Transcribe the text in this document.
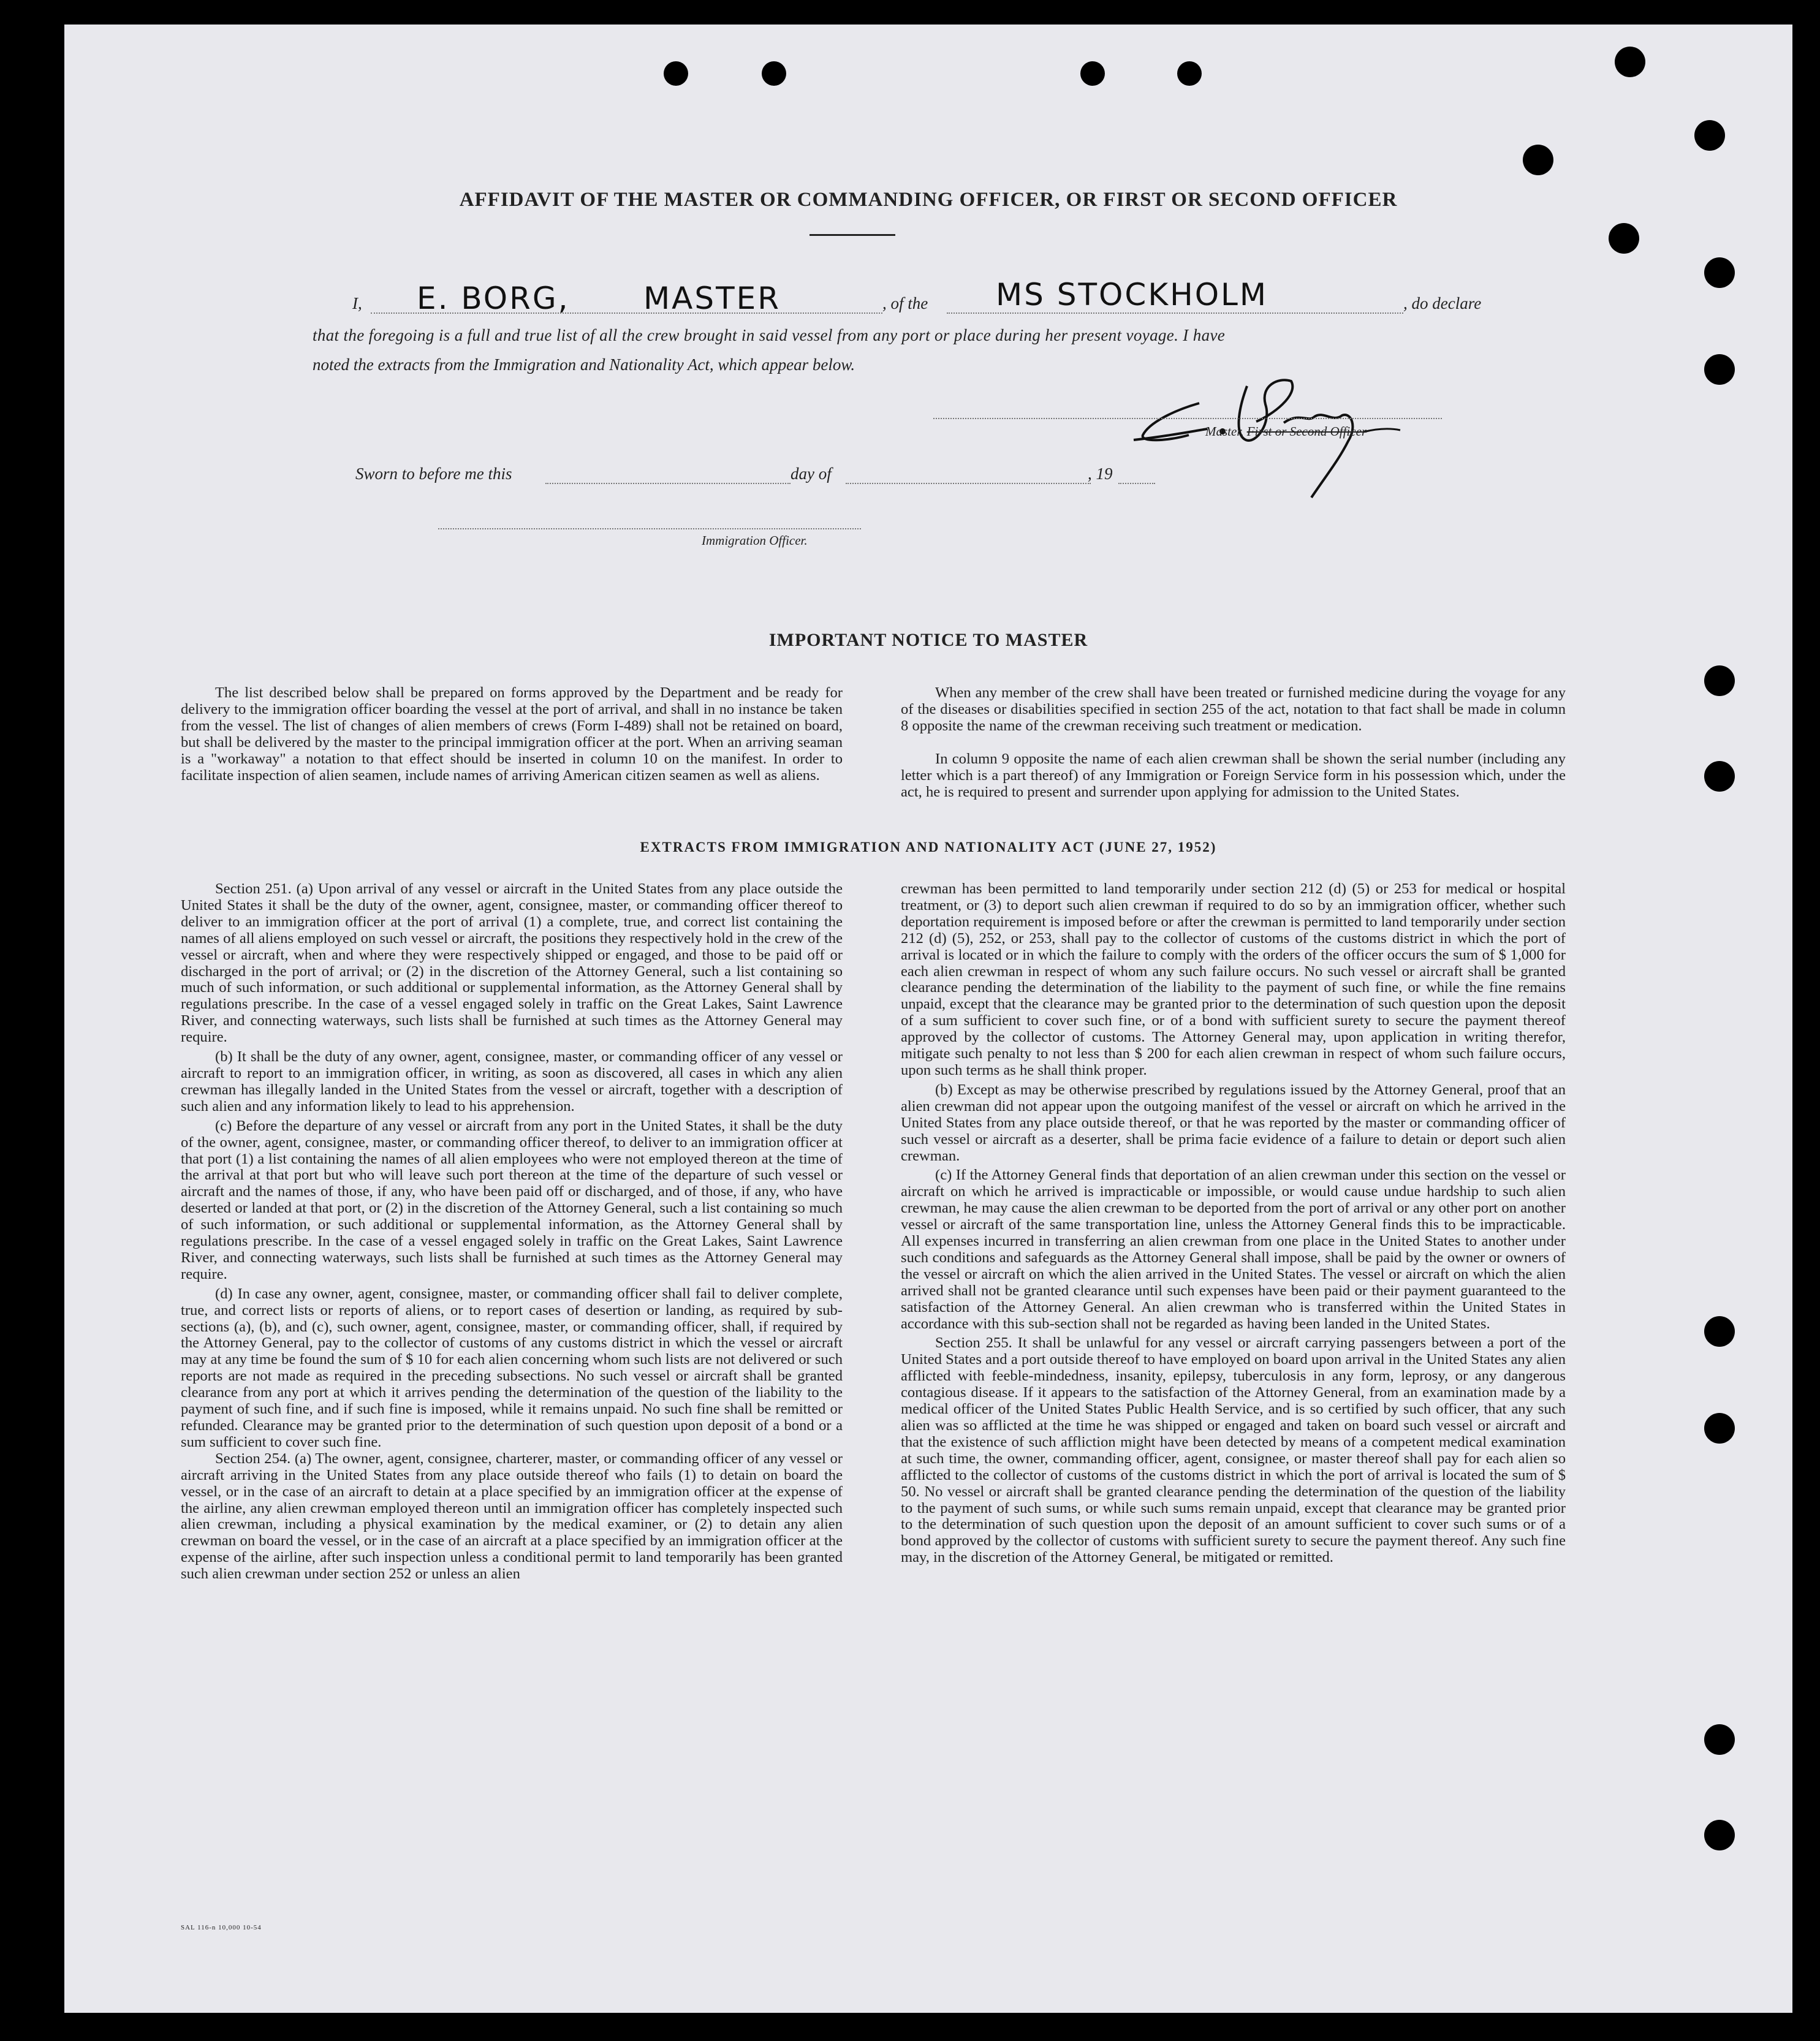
AFFIDAVIT OF THE MASTER OR COMMANDING OFFICER, OR FIRST OR SECOND OFFICER
I, E. BORG, MASTER	, of the MS STOCKHOLM	, do declare
that the foregoing is a full and true list of all the crew brought in said vessel from any port or place during her present voyage. I have
noted the extracts from the Immigration and Nationality Act, which appear below.
Master, First or Second Officer
Sworn to before me this	day of	, 19
Immigration Officer.
IMPORTANT NOTICE TO MASTER
The list described below shall be prepared on forms approved by the Department and be ready for delivery to the immigration officer boarding the vessel at the port of arrival, and shall in no instance be taken from the vessel. The list of changes of alien members of crews (Form I-489) shall not be retained on board, but shall be delivered by the master to the principal immigration officer at the port. When an arriving seaman is a "workaway" a notation to that effect should be inserted in column 10 on the manifest. In order to facilitate inspection of alien seamen, include names of arriving American citizen seamen as well as aliens.
When any member of the crew shall have been treated or furnished medicine during the voyage for any of the diseases or disabilities specified in section 255 of the act, notation to that fact shall be made in column 8 opposite the name of the crewman receiving such treatment or medication.
In column 9 opposite the name of each alien crewman shall be shown the serial number (including any letter which is a part thereof) of any Immigration or Foreign Service form in his possession which, under the act, he is required to present and surrender upon applying for admission to the United States.
EXTRACTS FROM IMMIGRATION AND NATIONALITY ACT (JUNE 27, 1952)
Section 251. (a) Upon arrival of any vessel or aircraft in the United States from any place outside the United States it shall be the duty of the owner, agent, consignee, master, or commanding officer thereof to deliver to an immigration officer at the port of arrival (1) a complete, true, and correct list containing the names of all aliens employed on such vessel or aircraft, the positions they respectively hold in the crew of the vessel or aircraft, when and where they were respectively shipped or engaged, and those to be paid off or discharged in the port of arrival; or (2) in the discretion of the Attorney General, such a list containing so much of such information, or such additional or supplemental information, as the Attorney General shall by regulations prescribe. In the case of a vessel engaged solely in traffic on the Great Lakes, Saint Lawrence River, and connecting waterways, such lists shall be furnished at such times as the Attorney General may require.
(b) It shall be the duty of any owner, agent, consignee, master, or commanding officer of any vessel or aircraft to report to an immigration officer, in writing, as soon as discovered, all cases in which any alien crewman has illegally landed in the United States from the vessel or aircraft, together with a description of such alien and any information likely to lead to his apprehension.
(c) Before the departure of any vessel or aircraft from any port in the United States, it shall be the duty of the owner, agent, consignee, master, or commanding officer thereof, to deliver to an immigration officer at that port (1) a list containing the names of all alien employees who were not employed thereon at the time of the arrival at that port but who will leave such port thereon at the time of the departure of such vessel or aircraft and the names of those, if any, who have been paid off or discharged, and of those, if any, who have deserted or landed at that port, or (2) in the discretion of the Attorney General, such a list containing so much of such information, or such additional or supplemental information, as the Attorney General shall by regulations prescribe. In the case of a vessel engaged solely in traffic on the Great Lakes, Saint Lawrence River, and connecting waterways, such lists shall be furnished at such times as the Attorney General may require.
(d) In case any owner, agent, consignee, master, or commanding officer shall fail to deliver complete, true, and correct lists or reports of aliens, or to report cases of desertion or landing, as required by sub-sections (a), (b), and (c), such owner, agent, consignee, master, or commanding officer, shall, if required by the Attorney General, pay to the collector of customs of any customs district in which the vessel or aircraft may at any time be found the sum of $ 10 for each alien concerning whom such lists are not delivered or such reports are not made as required in the preceding subsections. No such vessel or aircraft shall be granted clearance from any port at which it arrives pending the determination of the question of the liability to the payment of such fine, and if such fine is imposed, while it remains unpaid. No such fine shall be remitted or refunded. Clearance may be granted prior to the determination of such question upon deposit of a bond or a sum sufficient to cover such fine.
Section 254. (a) The owner, agent, consignee, charterer, master, or commanding officer of any vessel or aircraft arriving in the United States from any place outside thereof who fails (1) to detain on board the vessel, or in the case of an aircraft to detain at a place specified by an immigration officer at the expense of the airline, any alien crewman employed thereon until an immigration officer has completely inspected such alien crewman, including a physical examination by the medical examiner, or (2) to detain any alien crewman on board the vessel, or in the case of an aircraft at a place specified by an immigration officer at the expense of the airline, after such inspection unless a conditional permit to land temporarily has been granted such alien crewman under section 252 or unless an alien
crewman has been permitted to land temporarily under section 212 (d) (5) or 253 for medical or hospital treatment, or (3) to deport such alien crewman if required to do so by an immigration officer, whether such deportation requirement is imposed before or after the crewman is permitted to land temporarily under section 212 (d) (5), 252, or 253, shall pay to the collector of customs of the customs district in which the port of arrival is located or in which the failure to comply with the orders of the officer occurs the sum of $ 1,000 for each alien crewman in respect of whom any such failure occurs. No such vessel or aircraft shall be granted clearance pending the determination of the liability to the payment of such fine, or while the fine remains unpaid, except that the clearance may be granted prior to the determination of such question upon the deposit of a sum sufficient to cover such fine, or of a bond with sufficient surety to secure the payment thereof approved by the collector of customs. The Attorney General may, upon application in writing therefor, mitigate such penalty to not less than $ 200 for each alien crewman in respect of whom such failure occurs, upon such terms as he shall think proper.
(b) Except as may be otherwise prescribed by regulations issued by the Attorney General, proof that an alien crewman did not appear upon the outgoing manifest of the vessel or aircraft on which he arrived in the United States from any place outside thereof, or that he was reported by the master or commanding officer of such vessel or aircraft as a deserter, shall be prima facie evidence of a failure to detain or deport such alien crewman.
(c) If the Attorney General finds that deportation of an alien crewman under this section on the vessel or aircraft on which he arrived is impracticable or impossible, or would cause undue hardship to such alien crewman, he may cause the alien crewman to be deported from the port of arrival or any other port on another vessel or aircraft of the same transportation line, unless the Attorney General finds this to be impracticable. All expenses incurred in transferring an alien crewman from one place in the United States to another under such conditions and safeguards as the Attorney General shall impose, shall be paid by the owner or owners of the vessel or aircraft on which the alien arrived in the United States. The vessel or aircraft on which the alien arrived shall not be granted clearance until such expenses have been paid or their payment guaranteed to the satisfaction of the Attorney General. An alien crewman who is transferred within the United States in accordance with this sub-section shall not be regarded as having been landed in the United States.
Section 255. It shall be unlawful for any vessel or aircraft carrying passengers between a port of the United States and a port outside thereof to have employed on board upon arrival in the United States any alien afflicted with feeble-mindedness, insanity, epilepsy, tuberculosis in any form, leprosy, or any dangerous contagious disease. If it appears to the satisfaction of the Attorney General, from an examination made by a medical officer of the United States Public Health Service, and is so certified by such officer, that any such alien was so afflicted at the time he was shipped or engaged and taken on board such vessel or aircraft and that the existence of such affliction might have been detected by means of a competent medical examination at such time, the owner, commanding officer, agent, consignee, or master thereof shall pay for each alien so afflicted to the collector of customs of the customs district in which the port of arrival is located the sum of $ 50. No vessel or aircraft shall be granted clearance pending the determination of the question of the liability to the payment of such sums, or while such sums remain unpaid, except that clearance may be granted prior to the determination of such question upon the deposit of an amount sufficient to cover such sums or of a bond approved by the collector of customs with sufficient surety to secure the payment thereof. Any such fine may, in the discretion of the Attorney General, be mitigated or remitted.
SAL 116-n 10,000 10-54
